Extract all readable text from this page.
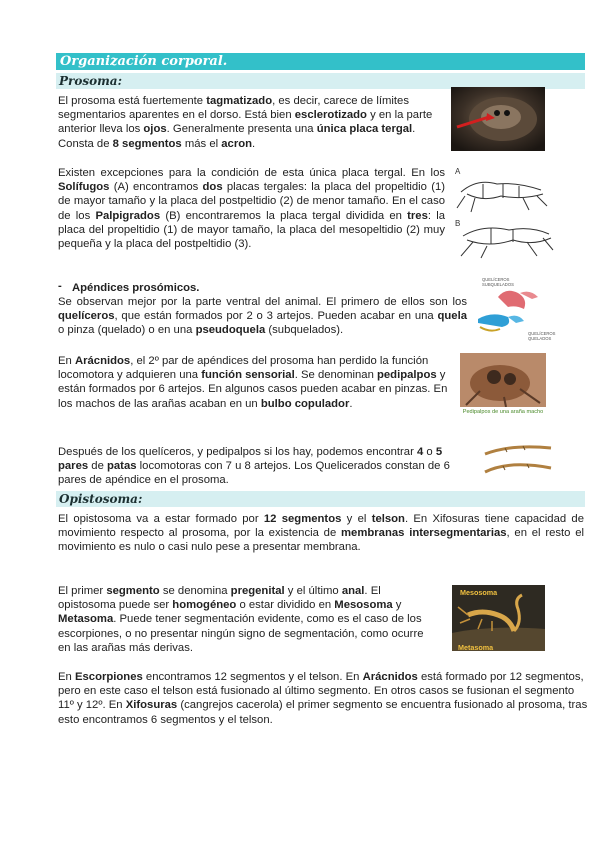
Organización corporal.
Prosoma:

El prosoma está fuertemente tagmatizado, es decir, carece de límites segmentarios aparentes en el dorso. Está bien esclerotizado y en la parte anterior lleva los ojos. Generalmente presenta una única placa tergal. Consta de 8 segmentos más el acron.

Existen excepciones para la condición de esta única placa tergal. En los Solífugos (A) encontramos dos placas tergales: la placa del propeltidio (1) de mayor tamaño y la placa del postpeltidio (2) de menor tamaño. En el caso de los Palpigrados (B) encontraremos la placa tergal dividida en tres: la placa del propeltidio (1) de mayor tamaño, la placa del mesopeltidio (2) muy pequeña y la placa del postpeltidio (3).

- Apéndices prosómicos.

Se observan mejor por la parte ventral del animal. El primero de ellos son los quelíceros, que están formados por 2 o 3 artejos. Pueden acabar en una quela o pinza (quelado) o en una pseudoquela (subquelados).

En Arácnidos, el 2º par de apéndices del prosoma han perdido la función locomotora y adquieren una función sensorial. Se denominan pedipalpos y están formados por 6 artejos. En algunos casos pueden acabar en pinzas. En los machos de las arañas acaban en un bulbo copulador.

Después de los quelíceros, y pedipalpos si los hay, podemos encontrar 4 o 5 pares de patas locomotoras con 7 u 8 artejos. Los Quelicerados constan de 6 pares de apéndice en el prosoma.

Opistosoma:

El opistosoma va a estar formado por 12 segmentos y el telson. En Xifosuras tiene capacidad de movimiento respecto al prosoma, por la existencia de membranas intersegmentarias, en el resto el movimiento es nulo o casi nulo pese a presentar membrana.

El primer segmento se denomina pregenital y el último anal. El opistosoma puede ser homogéneo o estar dividido en Mesosoma y Metasoma. Puede tener segmentación evidente, como es el caso de los escorpiones, o no presentar ningún signo de segmentación, como ocurre en las arañas más derivas.

En Escorpiones encontramos 12 segmentos y el telson. En Arácnidos está formado por 12 segmentos, pero en este caso el telson está fusionado al último segmento. En otros casos se fusionan el segmento 11º y 12º. En Xifosuras (cangrejos cacerola) el primer segmento se encuentra fusionado al prosoma, tras esto encontramos 6 segmentos y el telson.

A
B
QUELÍCEROS SUBQUELADOS
QUELÍCEROS QUELADOS
Pedipalpos de una araña macho
Mesosoma
Metasoma
